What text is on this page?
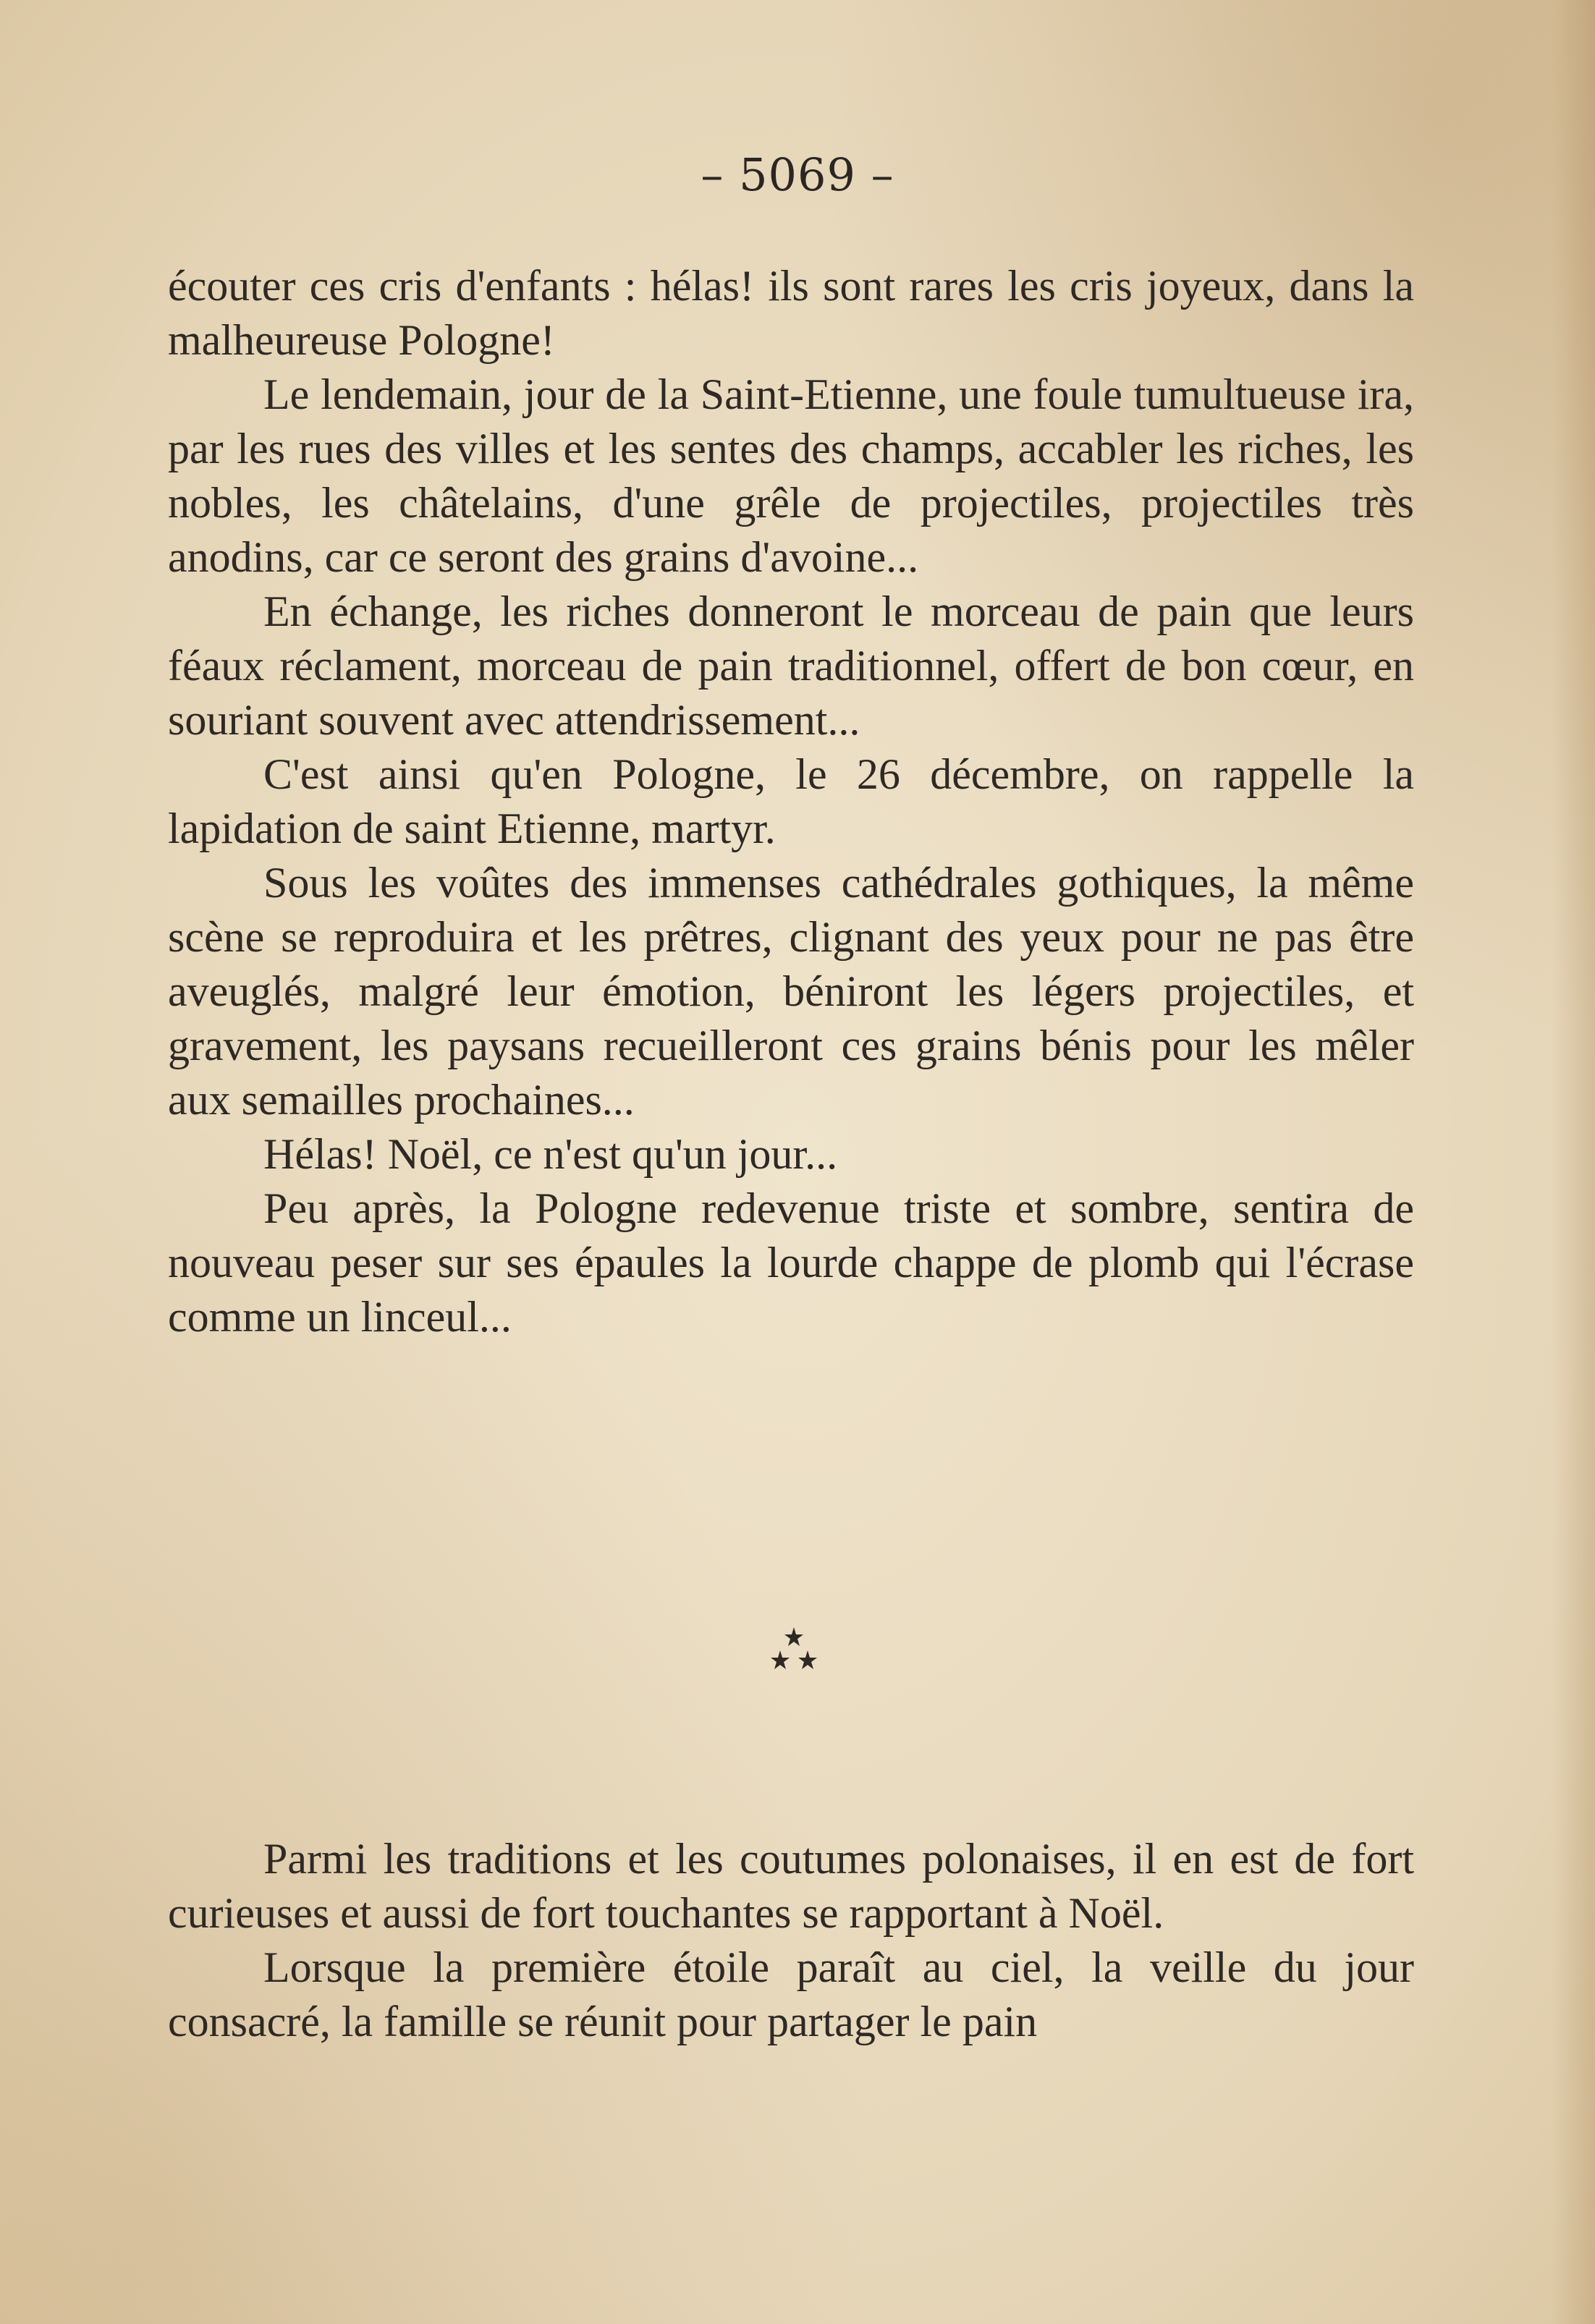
– 5069 –

écouter ces cris d'enfants : hélas! ils sont rares les cris joyeux, dans la malheureuse Pologne!

Le lendemain, jour de la Saint-Etienne, une foule tumultueuse ira, par les rues des villes et les sentes des champs, accabler les riches, les nobles, les châtelains, d'une grêle de projectiles, projectiles très anodins, car ce seront des grains d'avoine...

En échange, les riches donneront le morceau de pain que leurs féaux réclament, morceau de pain traditionnel, offert de bon cœur, en souriant souvent avec attendrissement...

C'est ainsi qu'en Pologne, le 26 décembre, on rappelle la lapidation de saint Etienne, martyr.

Sous les voûtes des immenses cathédrales gothiques, la même scène se reproduira et les prêtres, clignant des yeux pour ne pas être aveuglés, malgré leur émotion, béniront les légers projectiles, et gravement, les paysans recueilleront ces grains bénis pour les mêler aux semailles prochaines...

Hélas! Noël, ce n'est qu'un jour...

Peu après, la Pologne redevenue triste et sombre, sentira de nouveau peser sur ses épaules la lourde chappe de plomb qui l'écrase comme un linceul...

Parmi les traditions et les coutumes polonaises, il en est de fort curieuses et aussi de fort touchantes se rapportant à Noël.

Lorsque la première étoile paraît au ciel, la veille du jour consacré, la famille se réunit pour partager le pain
